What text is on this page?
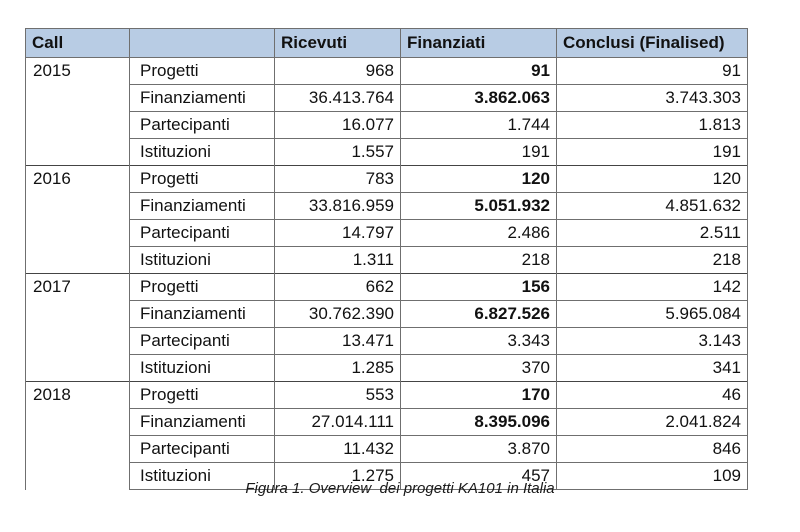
Call		Ricevuti	Finanziati	Conclusi (Finalised)
2015	Progetti	968	91	91
	Finanziamenti	36.413.764	3.862.063	3.743.303
	Partecipanti	16.077	1.744	1.813
	Istituzioni	1.557	191	191
2016	Progetti	783	120	120
	Finanziamenti	33.816.959	5.051.932	4.851.632
	Partecipanti	14.797	2.486	2.511
	Istituzioni	1.311	218	218
2017	Progetti	662	156	142
	Finanziamenti	30.762.390	6.827.526	5.965.084
	Partecipanti	13.471	3.343	3.143
	Istituzioni	1.285	370	341
2018	Progetti	553	170	46
	Finanziamenti	27.014.111	8.395.096	2.041.824
	Partecipanti	11.432	3.870	846
	Istituzioni	1.275	457	109
Figura 1. Overview  dei progetti KA101 in Italia
